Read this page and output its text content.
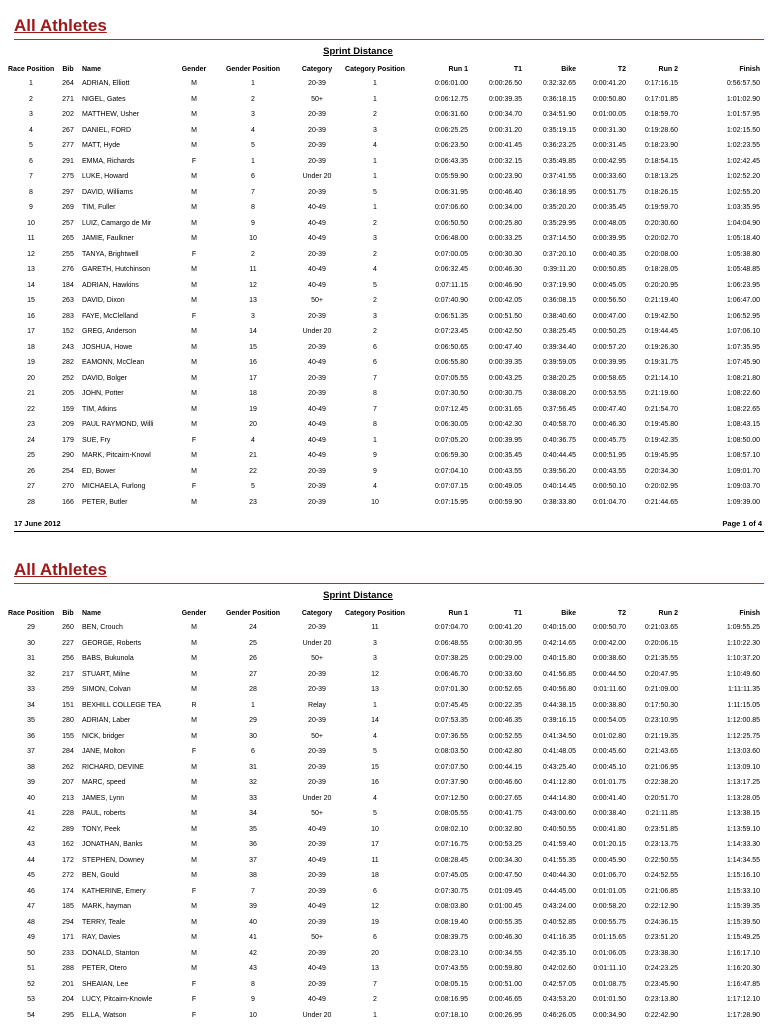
All Athletes
Sprint Distance
Race Position	Bib	Name	Gender	Gender Position	Category	Category Position	Run 1	T1	Bike	T2	Run 2	Finish
1	264	ADRIAN, Elliott	M	1	20-39	1	0:06:01.00	0:00:26.50	0:32:32.65	0:00:41.20	0:17:16.15	0:56:57.50
2	271	NIGEL, Gates	M	2	50+	1	0:06:12.75	0:00:39.35	0:36:18.15	0:00:50.80	0:17:01.85	1:01:02.90
3	202	MATTHEW, Usher	M	3	20-39	2	0:06:31.60	0:00:34.70	0:34:51.90	0:01:00.05	0:18:59.70	1:01:57.95
4	267	DANIEL, FORD	M	4	20-39	3	0:06:25.25	0:00:31.20	0:35:19.15	0:00:31.30	0:19:28.60	1:02:15.50
5	277	MATT, Hyde	M	5	20-39	4	0:06:23.50	0:00:41.45	0:36:23.25	0:00:31.45	0:18:23.90	1:02:23.55
6	291	EMMA, Richards	F	1	20-39	1	0:06:43.35	0:00:32.15	0:35:49.85	0:00:42.95	0:18:54.15	1:02:42.45
7	275	LUKE, Howard	M	6	Under 20	1	0:05:59.90	0:00:23.90	0:37:41.55	0:00:33.60	0:18:13.25	1:02:52.20
8	297	DAVID, Williams	M	7	20-39	5	0:06:31.95	0:00:46.40	0:36:18.95	0:00:51.75	0:18:26.15	1:02:55.20
9	269	TIM, Fuller	M	8	40-49	1	0:07:06.60	0:00:34.00	0:35:20.20	0:00:35.45	0:19:59.70	1:03:35.95
10	257	LUIZ, Camargo de Mir	M	9	40-49	2	0:06:50.50	0:00:25.80	0:35:29.95	0:00:48.05	0:20:30.60	1:04:04.90
11	265	JAMIE, Faulkner	M	10	40-49	3	0:06:48.00	0:00:33.25	0:37:14.50	0:00:39.95	0:20:02.70	1:05:18.40
12	255	TANYA, Brightwell	F	2	20-39	2	0:07:00.05	0:00:30.30	0:37:20.10	0:00:40.35	0:20:08.00	1:05:38.80
13	276	GARETH, Hutchinson	M	11	40-49	4	0:06:32.45	0:00:46.30	0:39:11.20	0:00:50.85	0:18:28.05	1:05:48.85
14	184	ADRIAN, Hawkins	M	12	40-49	5	0:07:11.15	0:00:46.90	0:37:19.90	0:00:45.05	0:20:20.95	1:06:23.95
15	263	DAVID, Dixon	M	13	50+	2	0:07:40.90	0:00:42.05	0:36:08.15	0:00:56.50	0:21:19.40	1:06:47.00
16	283	FAYE, McClelland	F	3	20-39	3	0:06:51.35	0:00:51.50	0:38:40.60	0:00:47.00	0:19:42.50	1:06:52.95
17	152	GREG, Anderson	M	14	Under 20	2	0:07:23.45	0:00:42.50	0:38:25.45	0:00:50.25	0:19:44.45	1:07:06.10
18	243	JOSHUA, Howe	M	15	20-39	6	0:06:50.65	0:00:47.40	0:39:34.40	0:00:57.20	0:19:26.30	1:07:35.95
19	282	EAMONN, McClean	M	16	40-49	6	0:06:55.80	0:00:39.35	0:39:59.05	0:00:39.95	0:19:31.75	1:07:45.90
20	252	DAVID, Bolger	M	17	20-39	7	0:07:05.55	0:00:43.25	0:38:20.25	0:00:58.65	0:21:14.10	1:08:21.80
21	205	JOHN, Potter	M	18	20-39	8	0:07:30.50	0:00:30.75	0:38:08.20	0:00:53.55	0:21:19.60	1:08:22.60
22	159	TIM, Atkins	M	19	40-49	7	0:07:12.45	0:00:31.65	0:37:56.45	0:00:47.40	0:21:54.70	1:08:22.65
23	209	PAUL RAYMOND, Willi	M	20	40-49	8	0:06:30.05	0:00:42.30	0:40:58.70	0:00:46.30	0:19:45.80	1:08:43.15
24	179	SUE, Fry	F	4	40-49	1	0:07:05.20	0:00:39.95	0:40:36.75	0:00:45.75	0:19:42.35	1:08:50.00
25	290	MARK, Pitcairn-Knowl	M	21	40-49	9	0:06:59.30	0:00:35.45	0:40:44.45	0:00:51.95	0:19:45.95	1:08:57.10
26	254	ED, Bower	M	22	20-39	9	0:07:04.10	0:00:43.55	0:39:56.20	0:00:43.55	0:20:34.30	1:09:01.70
27	270	MICHAELA, Furlong	F	5	20-39	4	0:07:07.15	0:00:49.05	0:40:14.45	0:00:50.10	0:20:02.95	1:09:03.70
28	166	PETER, Butler	M	23	20-39	10	0:07:15.95	0:00:59.90	0:38:33.80	0:01:04.70	0:21:44.65	1:09:39.00
17 June 2012	Page 1 of 4
All Athletes
Sprint Distance
Race Position	Bib	Name	Gender	Gender Position	Category	Category Position	Run 1	T1	Bike	T2	Run 2	Finish
29	260	BEN, Crouch	M	24	20-39	11	0:07:04.70	0:00:41.20	0:40:15.00	0:00:50.70	0:21:03.65	1:09:55.25
30	227	GEORGE, Roberts	M	25	Under 20	3	0:06:48.55	0:00:30.95	0:42:14.65	0:00:42.00	0:20:06.15	1:10:22.30
31	256	BABS, Bukunola	M	26	50+	3	0:07:38.25	0:00:29.00	0:40:15.80	0:00:38.60	0:21:35.55	1:10:37.20
32	217	STUART, Milne	M	27	20-39	12	0:06:46.70	0:00:33.60	0:41:56.85	0:00:44.50	0:20:47.95	1:10:49.60
33	259	SIMON, Colvan	M	28	20-39	13	0:07:01.30	0:00:52.65	0:40:56.80	0:01:11.60	0:21:09.00	1:11:11.35
34	151	BEXHILL COLLEGE TEA	R	1	Relay	1	0:07:45.45	0:00:22.35	0:44:38.15	0:00:38.80	0:17:50.30	1:11:15.05
35	280	ADRIAN, Laber	M	29	20-39	14	0:07:53.35	0:00:46.35	0:39:16.15	0:00:54.05	0:23:10.95	1:12:00.85
36	155	NICK, bridger	M	30	50+	4	0:07:36.55	0:00:52.55	0:41:34.50	0:01:02.80	0:21:19.35	1:12:25.75
37	284	JANE, Molton	F	6	20-39	5	0:08:03.50	0:00:42.80	0:41:48.05	0:00:45.60	0:21:43.65	1:13:03.60
38	262	RICHARD, DEVINE	M	31	20-39	15	0:07:07.50	0:00:44.15	0:43:25.40	0:00:45.10	0:21:06.95	1:13:09.10
39	207	MARC, speed	M	32	20-39	16	0:07:37.90	0:00:46.60	0:41:12.80	0:01:01.75	0:22:38.20	1:13:17.25
40	213	JAMES, Lynn	M	33	Under 20	4	0:07:12.50	0:00:27.65	0:44:14.80	0:00:41.40	0:20:51.70	1:13:28.05
41	228	PAUL, roberts	M	34	50+	5	0:08:05.55	0:00:41.75	0:43:00.60	0:00:38.40	0:21:11.85	1:13:38.15
42	289	TONY, Peek	M	35	40-49	10	0:08:02.10	0:00:32.80	0:40:50.55	0:00:41.80	0:23:51.85	1:13:59.10
43	162	JONATHAN, Banks	M	36	20-39	17	0:07:16.75	0:00:53.25	0:41:59.40	0:01:20.15	0:23:13.75	1:14:33.30
44	172	STEPHEN, Downey	M	37	40-49	11	0:08:28.45	0:00:34.30	0:41:55.35	0:00:45.90	0:22:50.55	1:14:34.55
45	272	BEN, Gould	M	38	20-39	18	0:07:45.05	0:00:47.50	0:40:44.30	0:01:06.70	0:24:52.55	1:15:16.10
46	174	KATHERINE, Emery	F	7	20-39	6	0:07:30.75	0:01:09.45	0:44:45.00	0:01:01.05	0:21:06.85	1:15:33.10
47	185	MARK, hayman	M	39	40-49	12	0:08:03.80	0:01:00.45	0:43:24.00	0:00:58.20	0:22:12.90	1:15:39.35
48	294	TERRY, Teale	M	40	20-39	19	0:08:19.40	0:00:55.35	0:40:52.85	0:00:55.75	0:24:36.15	1:15:39.50
49	171	RAY, Davies	M	41	50+	6	0:08:39.75	0:00:46.30	0:41:16.35	0:01:15.65	0:23:51.20	1:15:49.25
50	233	DONALD, Stanton	M	42	20-39	20	0:08:23.10	0:00:34.55	0:42:35.10	0:01:06.05	0:23:38.30	1:16:17.10
51	288	PETER, Otero	M	43	40-49	13	0:07:43.55	0:00:59.80	0:42:02.60	0:01:11.10	0:24:23.25	1:16:20.30
52	201	SHEAIAN, Lee	F	8	20-39	7	0:08:05.15	0:00:51.00	0:42:57.05	0:01:08.75	0:23:45.90	1:16:47.85
53	204	LUCY, Pitcairn-Knowle	F	9	40-49	2	0:08:16.95	0:00:46.65	0:43:53.20	0:01:01.50	0:23:13.80	1:17:12.10
54	295	ELLA, Watson	F	10	Under 20	1	0:07:18.10	0:00:26.95	0:46:26.05	0:00:34.90	0:22:42.90	1:17:28.90
